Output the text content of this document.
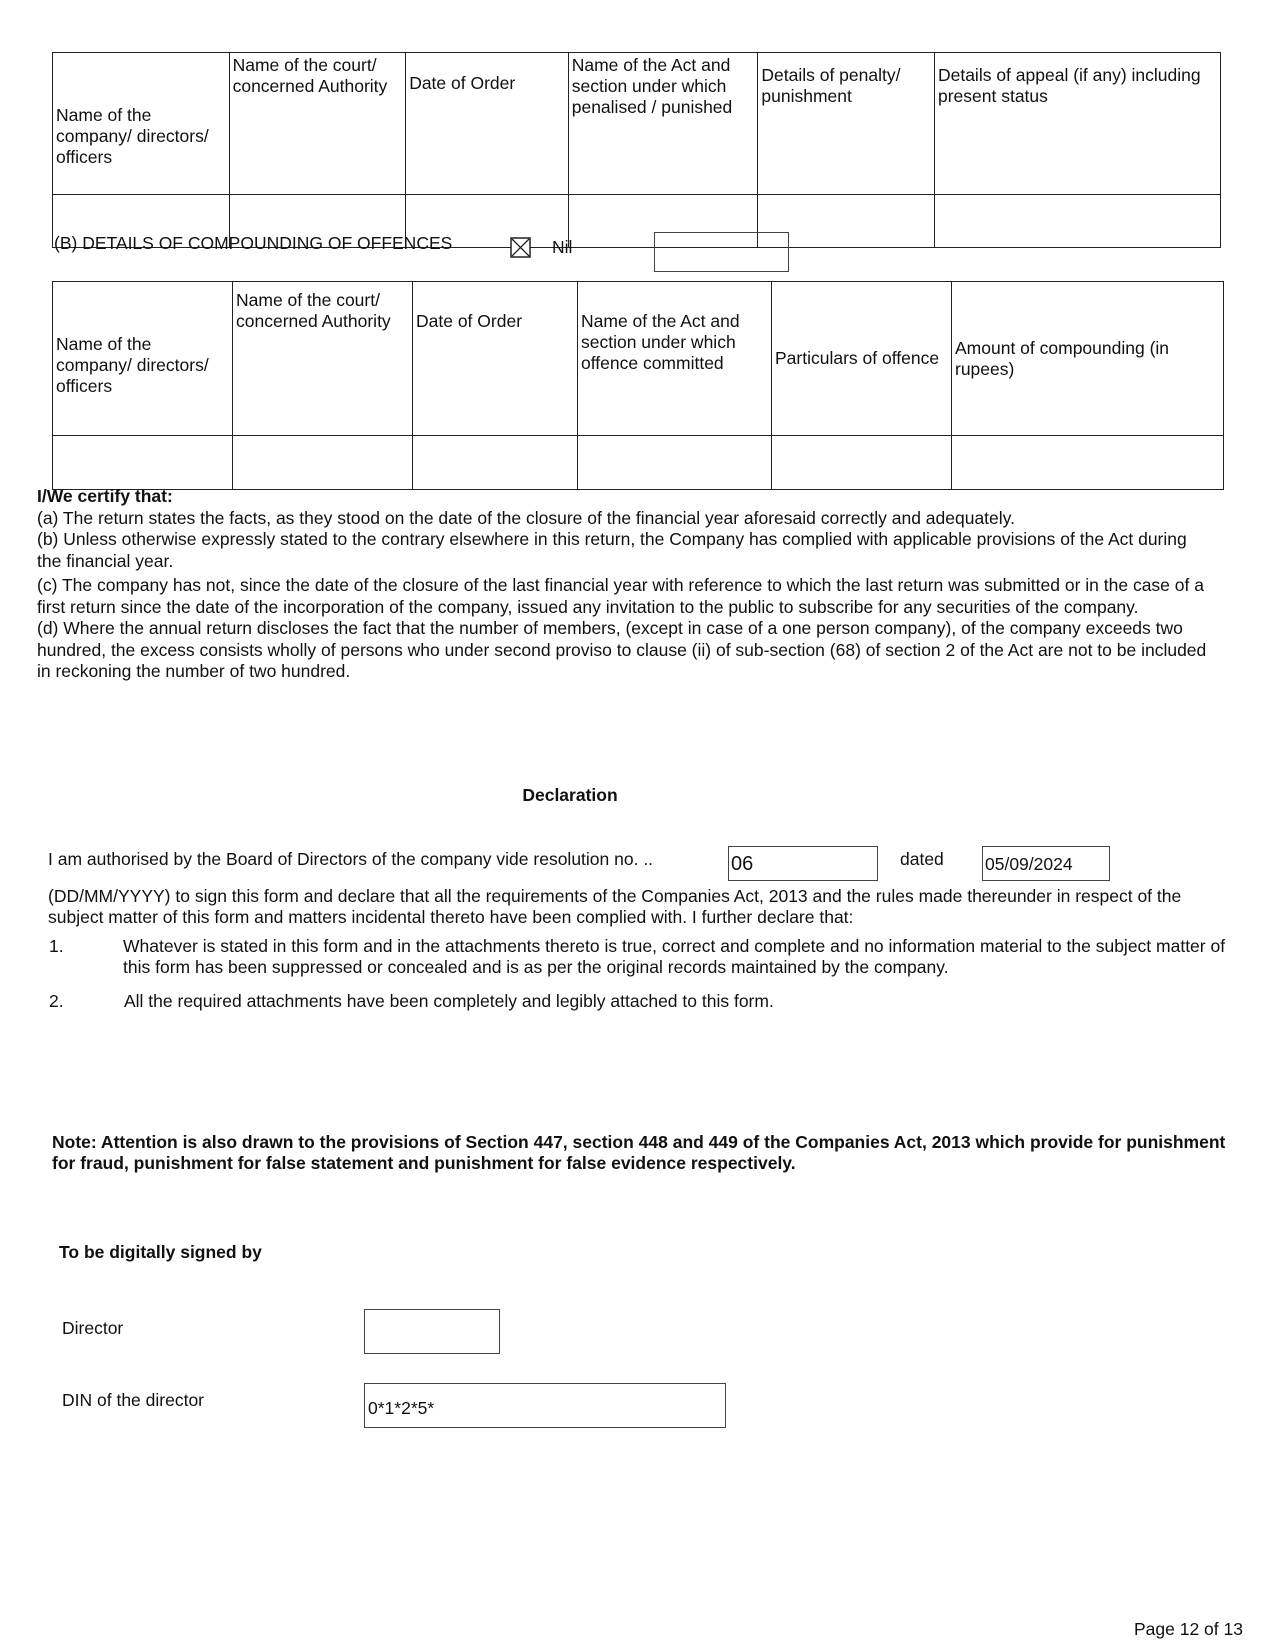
Name of the company/ directors/ officers	Name of the court/ concerned Authority	Date of Order	Name of the Act and section under which penalised / punished	Details of penalty/ punishment	Details of appeal (if any) including present status

(B) DETAILS OF COMPOUNDING OF OFFENCES	Nil
Name of the company/ directors/ officers	Name of the court/ concerned Authority	Date of Order	Name of the Act and section under which offence committed	Particulars of offence	Amount of compounding (in rupees)

I/We certify that:

(a) The return states the facts, as they stood on the date of the closure of the financial year aforesaid correctly and adequately.

(b) Unless otherwise expressly stated to the contrary elsewhere in this return, the Company has complied with applicable provisions of the Act during the financial year.

(c) The company has not, since the date of the closure of the last financial year with reference to which the last return was submitted or in the case of a first return since the date of the incorporation of the company, issued any invitation to the public to subscribe for any securities of the company.

(d) Where the annual return discloses the fact that the number of members, (except in case of a one person company), of the company exceeds two hundred, the excess consists wholly of persons who under second proviso to clause (ii) of sub-section (68) of section 2 of the Act are not to be included in reckoning the number of two hundred.

Declaration
I am authorised by the Board of Directors of the company vide resolution no. ..	06	dated 05/09/2024
(DD/MM/YYYY) to sign this form and declare that all the requirements of the Companies Act, 2013 and the rules made thereunder in respect of the subject matter of this form and matters incidental thereto have been complied with. I further declare that:
1.	Whatever is stated in this form and in the attachments thereto is true, correct and complete and no information material to the subject matter of this form has been suppressed or concealed and is as per the original records maintained by the company.
2.	All the required attachments have been completely and legibly attached to this form.
Note: Attention is also drawn to the provisions of Section 447, section 448 and 449 of the Companies Act, 2013 which provide for punishment for fraud, punishment for false statement and punishment for false evidence respectively.
To be digitally signed by
Director
DIN of the director	0*1*2*5*
Page 12 of 13
